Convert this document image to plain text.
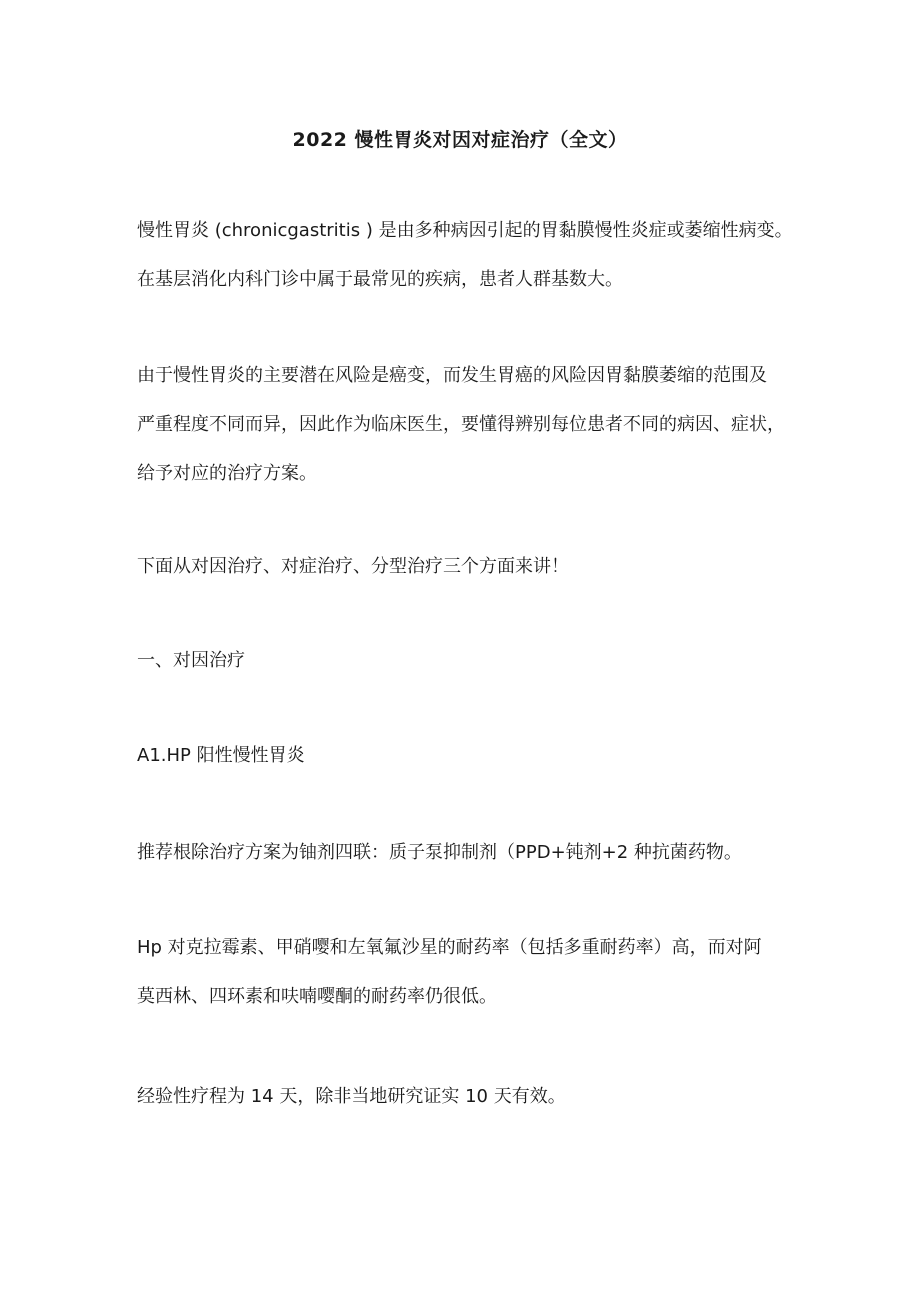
2022 慢性胃炎对因对症治疗（全文）
慢性胃炎 (chronicgastritis ) 是由多种病因引起的胃黏膜慢性炎症或萎缩性病变。
在基层消化内科门诊中属于最常见的疾病，患者人群基数大。
由于慢性胃炎的主要潜在风险是癌变，而发生胃癌的风险因胃黏膜萎缩的范围及
严重程度不同而异，因此作为临床医生，要懂得辨别每位患者不同的病因、症状，
给予对应的治疗方案。
下面从对因治疗、对症治疗、分型治疗三个方面来讲！
一、对因治疗
A1.HP 阳性慢性胃炎
推荐根除治疗方案为铀剂四联：质子泵抑制剂（PPD+钝剂+2 种抗菌药物。
Hp 对克拉霉素、甲硝嘤和左氧氟沙星的耐药率（包括多重耐药率）高，而对阿
莫西林、四环素和呋喃嘤酮的耐药率仍很低。
经验性疗程为 14 天，除非当地研究证实 10 天有效。
